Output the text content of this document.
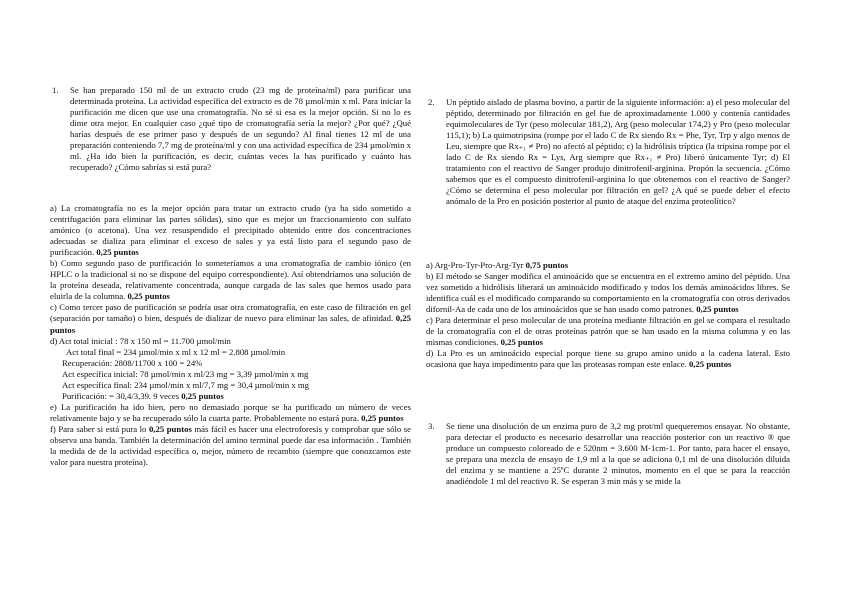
1. Se han preparado 150 ml de un extracto crudo (23 mg de proteína/ml) para purificar una determinada proteína. La actividad específica del extracto es de 78 µmol/min x ml. Para iniciar la purificación me dicen que use una cromatografía. No sé si esa es la mejor opción. Si no lo es dime otra mejor. En cualquier caso ¿qué tipo de cromatografía sería la mejor? ¿Por qué? ¿Qué harías después de ese primer paso y después de un segundo? Al final tienes 12 ml de una preparación conteniendo 7,7 mg de proteína/ml y con una actividad específica de 234 µmol/min x ml. ¿Ha ido bien la purificación, es decir, cuántas veces la has purificado y cuánto has recuperado? ¿Cómo sabrías si está pura?

a) La cromatografía no es la mejor opción para tratar un extracto crudo (ya ha sido sometido a centrifugación para eliminar las partes sólidas), sino que es mejor un fraccionamiento con sulfato amónico (o acetona). Una vez resuspendido el precipitado obtenido entre dos concentraciones adecuadas se dializa para eliminar el exceso de sales y ya está listo para el segundo paso de purificación. 0,25 puntos

b) Como segundo paso de purificación lo someteríamos a una cromatografía de cambio iónico (en HPLC o la tradicional si no se dispone del equipo correspondiente). Así obtendríamos una solución de la proteína deseada, relativamente concentrada, aunque cargada de las sales que hemos usado para eluirla de la columna. 0,25 puntos

c) Como tercer paso de purificación se podría usar otra cromatografía, en este caso de filtración en gel (separación por tamaño) o bien, después de dializar de nuevo para eliminar las sales, de afinidad. 0,25 puntos

d) Act total inicial : 78 x 150 ml = 11.700 µmol/min

Act total final = 234 µmol/min x ml x 12 ml = 2.808 µmol/min

Recuperación: 2808/11700 x 100 = 24%

Act específica inicial: 78 µmol/min x ml/23 mg = 3,39 µmol/min x mg

Act específica final: 234 µmol/min x ml/7,7 mg = 30,4 µmol/min x mg

Purificación: = 30,4/3,39. 9 veces 0,25 puntos

e) La purificación ha ido bien, pero no demasiado porque se ha purificado un número de veces relativamente bajo y se ha recuperado sólo la cuarta parte. Probablemente no estará pura. 0,25 puntos

f) Para saber si está pura lo 0,25 puntos más fácil es hacer una electroforesis y comprobar que sólo se observa una banda. También la determinación del amino terminal puede dar esa información . También la medida de de la actividad específica o, mejor, número de recambio (siempre que conozcamos este valor para nuestra proteína).

2. Un péptido aislado de plasma bovino, a partir de la siguiente información: a) el peso molecular del péptido, determinado por filtración en gel fue de aproximadamente 1.000 y contenía cantidades equimoleculares de Tyr (peso molecular 181,2), Arg (peso molecular 174,2) y Pro (peso molecular 115,1); b) La quimotripsina (rompe por el lado C de Rx siendo Rx = Phe, Tyr, Trp y algo menos de Leu, siempre que Rx₊₁ ≠ Pro) no afectó al péptido; c) la hidrólisis tríptica (la tripsina rompe por el lado C de Rx siendo Rx = Lys, Arg siempre que Rx₊₁ ≠ Pro) liberó únicamente Tyr; d) El tratamiento con el reactivo de Sanger produjo dinitrofenil-arginina. Propón la secuencia. ¿Cómo sabemos que es el compuesto dinitrofenil-arginina lo que obtenemos con el reactivo de Sanger? ¿Cómo se determina el peso molecular por filtración en gel? ¿A qué se puede deber el efecto anómalo de la Pro en posición posterior al punto de ataque del enzima proteolítico?

a) Arg-Pro-Tyr-Pro-Arg-Tyr 0,75 puntos

b) El método se Sanger modifica el aminoácido que se encuentra en el extremo amino del péptido. Una vez sometido a hidrólisis liberará un aminoácido modificado y todos los demás aminoácidos libres. Se identifica cuál es el modificado comparando su comportamiento en la cromatografía con otros derivados difornil-Aa de cada uno de los aminoácidos que se han usado como patrones. 0,25 puntos

c) Para determinar el peso molecular de una proteína mediante filtración en gel se compara el resultado de la cromatografía con el de otras proteínas patrón que se han usado en la misma columna y en las mismas condiciones. 0,25 puntos

d) La Pro es un aminoácido especial porque tiene su grupo amino unido a la cadena lateral. Esto ocasiona que haya impedimento para que las proteasas rompan este enlace. 0,25 puntos

3. Se tiene una disolución de un enzima puro de 3,2 mg prot/ml quequeremos ensayar. No obstante, para detectar el producto es necesario desarrollar una reacción posterior con un reactivo ® que produce un compuesto coloreado de e 520nm = 3.600 M-1cm-1. Por tanto, para hacer el ensayo, se prepara una mezcla de ensayo de 1,9 ml a la que se adiciona 0,1 ml de una disolución diluida del enzima y se mantiene a 25ºC durante 2 minutos, momento en el que se para la reacción anadiéndole 1 ml del reactivo R. Se esperan 3 min más y se mide la
